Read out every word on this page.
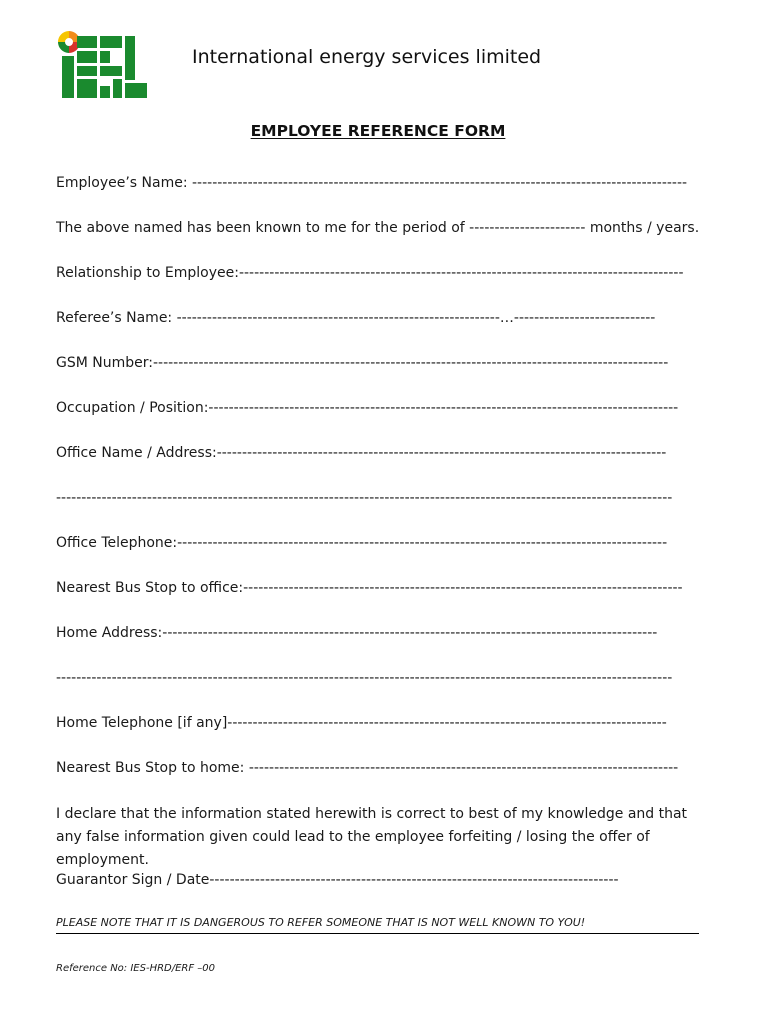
International energy services limited
EMPLOYEE REFERENCE FORM
Employee’s Name: --------------------------------------------------------------------------------------------------
The above named has been known to me for the period of ----------------------- months / years.
Relationship to Employee:----------------------------------------------------------------------------------------
Referee’s Name: ----------------------------------------------------------------…----------------------------
GSM Number:------------------------------------------------------------------------------------------------------
Occupation / Position:---------------------------------------------------------------------------------------------
Office Name / Address:-----------------------------------------------------------------------------------------
--------------------------------------------------------------------------------------------------------------------------
Office Telephone:-------------------------------------------------------------------------------------------------
Nearest Bus Stop to office:---------------------------------------------------------------------------------------
Home Address:--------------------------------------------------------------------------------------------------
--------------------------------------------------------------------------------------------------------------------------
Home Telephone [if any]---------------------------------------------------------------------------------------
Nearest Bus Stop to home: -------------------------------------------------------------------------------------
I declare that the information stated herewith is correct to best of my knowledge and that any false information given could lead to the employee forfeiting / losing the offer of employment.
Guarantor Sign / Date---------------------------------------------------------------------------------
PLEASE NOTE THAT IT IS DANGEROUS TO REFER SOMEONE THAT IS NOT WELL KNOWN TO YOU!
Reference No: IES-HRD/ERF –00
